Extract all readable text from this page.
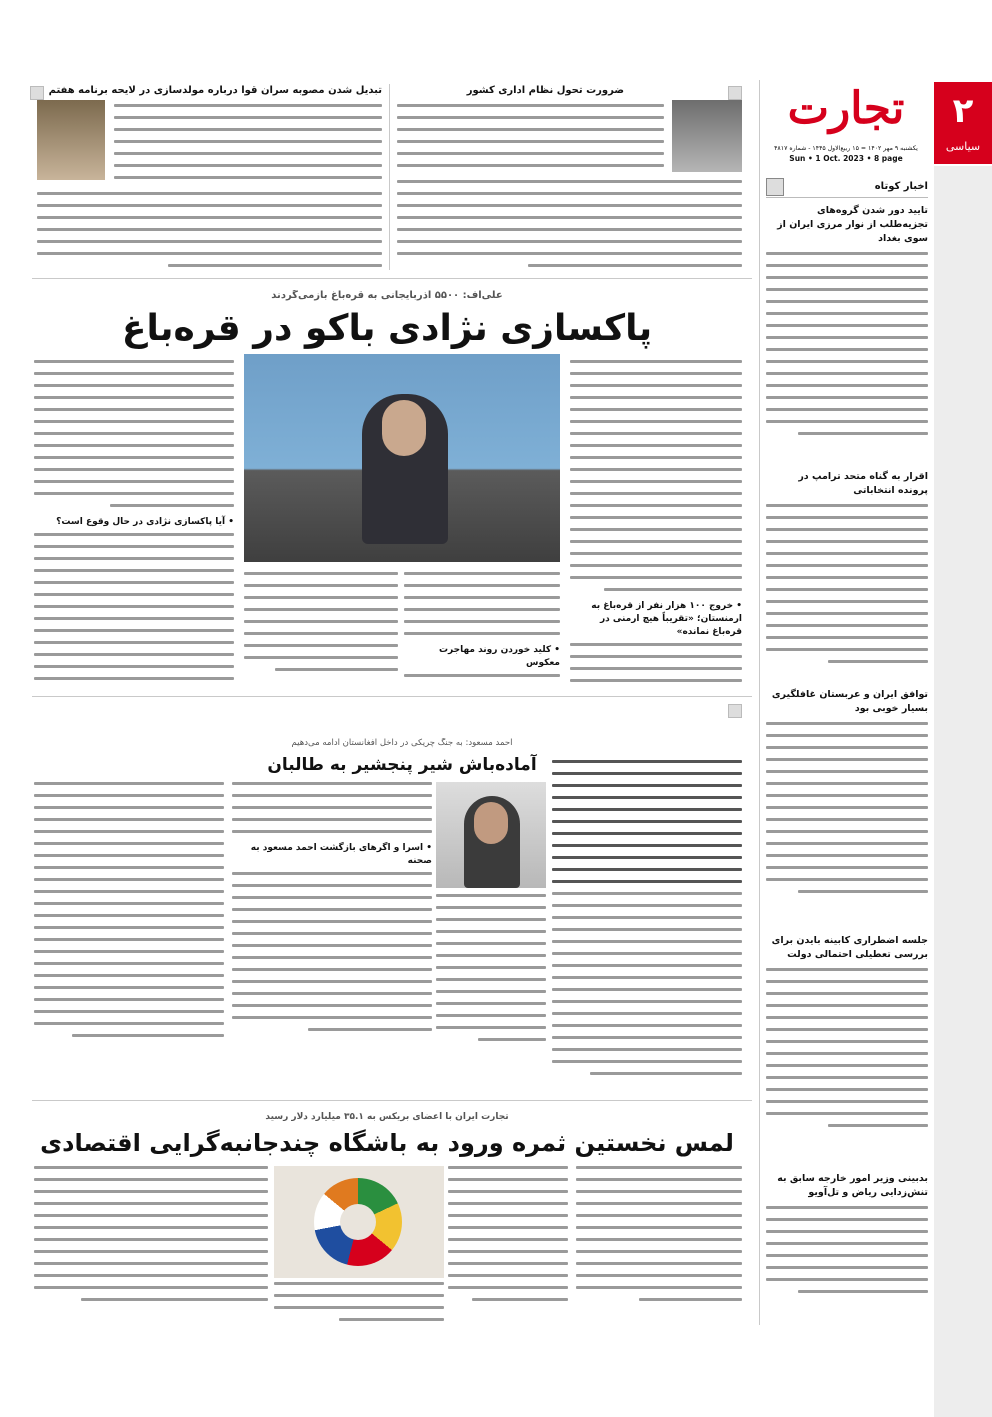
۲
سیاسی
تجارت
یکشنبه ۹ مهر ۱۴۰۲ = ۱۵ ربیع‌الاول ۱۴۴۵ - شماره ۴۸۱۷
Sun • 1 Oct. 2023 • 8 page
اخبار کوتاه
تایید دور شدن گروه‌های تجزیه‌طلب از نوار مرزی ایران از سوی بغداد
اقرار به گناه متحد ترامپ در پرونده انتخاباتی
توافق ایران و عربستان غافلگیری بسیار خوبی بود
جلسه اضطراری کابینه بایدن برای بررسی تعطیلی احتمالی دولت
بدبینی وزیر امور خارجه سابق به تنش‌زدایی ریاض و تل‌آویو
ضرورت تحول نظام اداری کشور
تبدیل شدن مصوبه سران قوا درباره مولدسازی در لایحه برنامه هفتم
علی‌اف: ۵۵۰۰ آذربایجانی به قره‌باغ بازمی‌گردند
پاکسازی نژادی باکو در قره‌باغ
• خروج ۱۰۰ هزار نفر از قره‌باغ به ارمنستان؛ «تقریباً هیچ ارمنی در قره‌باغ نمانده»
• کلید خوردن روند مهاجرت معکوس
• آیا پاکسازی نژادی در حال وقوع است؟
احمد مسعود: به جنگ چریکی در داخل افغانستان ادامه می‌دهیم
آماده‌باش شیر پنجشیر به طالبان
• اسرا و اگرهای بازگشت احمد مسعود به صحنه
تجارت ایران با اعضای بریکس به ۳۵.۱ میلیارد دلار رسید
لمس نخستین ثمره ورود به باشگاه چندجانبه‌گرایی اقتصادی
